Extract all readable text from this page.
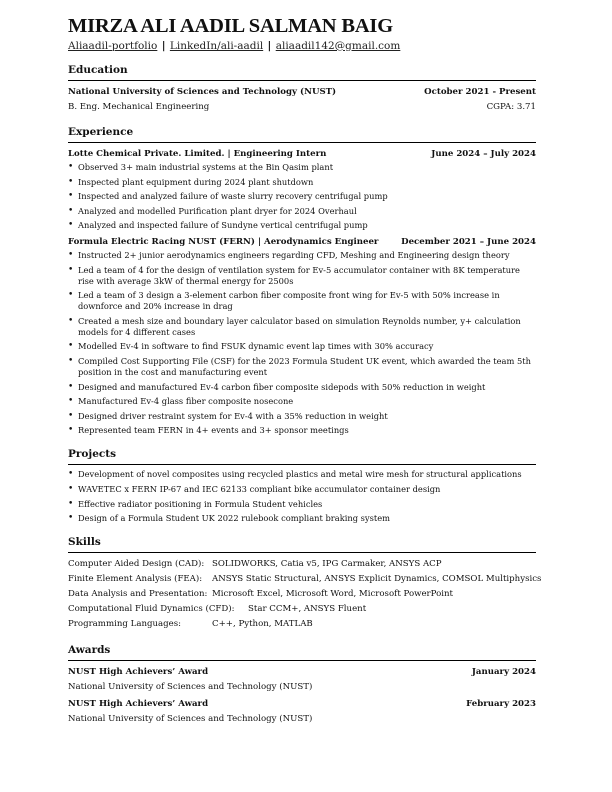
MIRZA ALI AADIL SALMAN BAIG
Aliaadil-portfolio | LinkedIn/ali-aadil | aliaadil142@gmail.com
Education
National University of Sciences and Technology (NUST)	October 2021 - Present
B. Eng. Mechanical Engineering	CGPA: 3.71
Experience
Lotte Chemical Private. Limited. | Engineering Intern	June 2024 – July 2024
• Observed 3+ main industrial systems at the Bin Qasim plant
• Inspected plant equipment during 2024 plant shutdown
• Inspected and analyzed failure of waste slurry recovery centrifugal pump
• Analyzed and modelled Purification plant dryer for 2024 Overhaul
• Analyzed and inspected failure of Sundyne vertical centrifugal pump
Formula Electric Racing NUST (FERN) | Aerodynamics Engineer	December 2021 – June 2024
• Instructed 2+ junior aerodynamics engineers regarding CFD, Meshing and Engineering design theory
• Led a team of 4 for the design of ventilation system for Ev-5 accumulator container with 8K temperature rise with average 3kW of thermal energy for 2500s
• Led a team of 3 design a 3-element carbon fiber composite front wing for Ev-5 with 50% increase in downforce and 20% increase in drag
• Created a mesh size and boundary layer calculator based on simulation Reynolds number, y+ calculation models for 4 different cases
• Modelled Ev-4 in software to find FSUK dynamic event lap times with 30% accuracy
• Compiled Cost Supporting File (CSF) for the 2023 Formula Student UK event, which awarded the team 5th position in the cost and manufacturing event
• Designed and manufactured Ev-4 carbon fiber composite sidepods with 50% reduction in weight
• Manufactured Ev-4 glass fiber composite nosecone
• Designed driver restraint system for Ev-4 with a 35% reduction in weight
• Represented team FERN in 4+ events and 3+ sponsor meetings
Projects
• Development of novel composites using recycled plastics and metal wire mesh for structural applications
• WAVETEC x FERN IP-67 and IEC 62133 compliant bike accumulator container design
• Effective radiator positioning in Formula Student vehicles
• Design of a Formula Student UK 2022 rulebook compliant braking system
Skills
Computer Aided Design (CAD): SOLIDWORKS, Catia v5, IPG Carmaker, ANSYS ACP
Finite Element Analysis (FEA): ANSYS Static Structural, ANSYS Explicit Dynamics, COMSOL Multiphysics
Data Analysis and Presentation: Microsoft Excel, Microsoft Word, Microsoft PowerPoint
Computational Fluid Dynamics (CFD): Star CCM+, ANSYS Fluent
Programming Languages:	C++, Python, MATLAB
Awards
NUST High Achievers’ Award	January 2024
National University of Sciences and Technology (NUST)
NUST High Achievers’ Award	February 2023
National University of Sciences and Technology (NUST)
